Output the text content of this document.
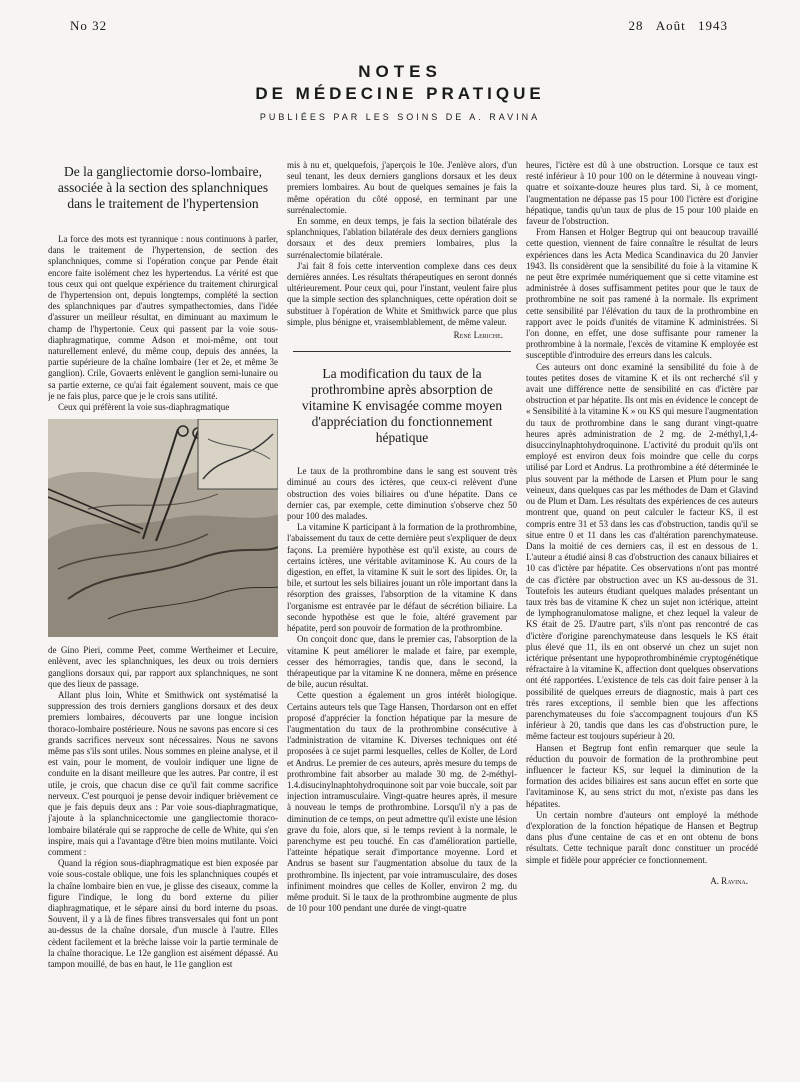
No 32	28 Août 1943
NOTES
DE MÉDECINE PRATIQUE
PUBLIÉES PAR LES SOINS DE A. RAVINA
De la gangliectomie dorso-lombaire, associée à la section des splanchniques dans le traitement de l'hypertension

La force des mots est tyrannique : nous continuons à parler, dans le traitement de l'hypertension, de section des splanchniques, comme si l'opération conçue par Pende était encore faite isolément chez les hypertendus. La vérité est que tous ceux qui ont quelque expérience du traitement chirurgical de l'hypertension ont, depuis longtemps, complété la section des splanchniques par d'autres sympathectomies, dans l'idée d'assurer un meilleur résultat, en diminuant au maximum le champ de l'hypertonie. Ceux qui passent par la voie sous-diaphragmatique, comme Adson et moi-même, ont tout naturellement enlevé, du même coup, depuis des années, la partie supérieure de la chaîne lombaire (1er et 2e, et même 3e ganglion). Crile, Govaerts enlèvent le ganglion semi-lunaire ou sa partie externe, ce qu'ai fait également souvent, mais ce que je ne fais plus, parce que je le crois sans utilité.

Ceux qui préfèrent la voie sus-diaphragmatique

de Gino Pieri, comme Peet, comme Wertheimer et Lecuire, enlèvent, avec les splanchniques, les deux ou trois derniers ganglions dorsaux qui, par rapport aux splanchniques, ne sont que des lieux de passage.

Allant plus loin, White et Smithwick ont systématisé la suppression des trois derniers ganglions dorsaux et des deux premiers lombaires, découverts par une longue incision thoraco-lombaire postérieure. Nous ne savons pas encore si ces grands sacrifices nerveux sont nécessaires. Nous ne savons même pas s'ils sont utiles. Nous sommes en pleine analyse, et il est vain, pour le moment, de vouloir indiquer une ligne de conduite en la disant meilleure que les autres. Par contre, il est utile, je crois, que chacun dise ce qu'il fait comme sacrifice nerveux. C'est pourquoi je pense devoir indiquer brièvement ce que je fais depuis deux ans : Par voie sous-diaphragmatique, j'ajoute à la splanchnicectomie une gangliectomie thoraco-lombaire bilatérale qui se rapproche de celle de White, qui s'en inspire, mais qui a l'avantage d'être bien moins mutilante. Voici comment :

Quand la région sous-diaphragmatique est bien exposée par voie sous-costale oblique, une fois les splanchniques coupés et la chaîne lombaire bien en vue, je glisse des ciseaux, comme la figure l'indique, le long du bord externe du pilier diaphragmatique, et le sépare ainsi du bord interne du psoas. Souvent, il y a là de fines fibres transversales qui font un pont au-dessus de la chaîne dorsale, d'un muscle à l'autre. Elles cèdent facilement et la brèche laisse voir la partie terminale de la chaîne thoracique. Le 12e ganglion est aisément dépassé. Au tampon mouillé, de bas en haut, le 11e ganglion est

mis à nu et, quelquefois, j'aperçois le 10e. J'enlève alors, d'un seul tenant, les deux derniers ganglions dorsaux et les deux premiers lombaires. Au bout de quelques semaines je fais la même opération du côté opposé, en terminant par une surrénalectomie.

En somme, en deux temps, je fais la section bilatérale des splanchniques, l'ablation bilatérale des deux derniers ganglions dorsaux et des deux premiers lombaires, plus la surrénalectomie bilatérale.

J'ai fait 8 fois cette intervention complexe dans ces deux dernières années. Les résultats thérapeutiques en seront donnés ultérieurement. Pour ceux qui, pour l'instant, veulent faire plus que la simple section des splanchniques, cette opération doit se substituer à l'opération de White et Smithwick parce que plus simple, plus bénigne et, vraisemblablement, de même valeur.

René Leriche.
La modification du taux de la prothrombine après absorption de vitamine K envisagée comme moyen d'appréciation du fonctionnement hépatique

Le taux de la prothrombine dans le sang est souvent très diminué au cours des ictères, que ceux-ci relèvent d'une obstruction des voies biliaires ou d'une hépatite. Dans ce dernier cas, par exemple, cette diminution s'observe chez 50 pour 100 des malades.

La vitamine K participant à la formation de la prothrombine, l'abaissement du taux de cette dernière peut s'expliquer de deux façons. La première hypothèse est qu'il existe, au cours de certains ictères, une véritable avitaminose K. Au cours de la digestion, en effet, la vitamine K suit le sort des lipides. Or, la bile, et surtout les sels biliaires jouant un rôle important dans la résorption des graisses, l'absorption de la vitamine K dans l'organisme est entravée par le défaut de sécrétion biliaire. La seconde hypothèse est que le foie, altéré gravement par hépatite, perd son pouvoir de formation de la prothrombine.

On conçoit donc que, dans le premier cas, l'absorption de la vitamine K peut améliorer le malade et faire, par exemple, cesser des hémorragies, tandis que, dans le second, la thérapeutique par la vitamine K ne donnera, même en présence de bile, aucun résultat.

Cette question a également un gros intérêt biologique. Certains auteurs tels que Tage Hansen, Thordarson ont en effet proposé d'apprécier la fonction hépatique par la mesure de l'augmentation du taux de la prothrombine consécutive à l'administration de vitamine K. Diverses techniques ont été proposées à ce sujet parmi lesquelles, celles de Koller, de Lord et Andrus. Le premier de ces auteurs, après mesure du temps de prothrombine fait absorber au malade 30 mg. de 2-méthyl-1.4.disucinylnaphtohydroquinone soit par voie buccale, soit par injection intramusculaire. Vingt-quatre heures après, il mesure à nouveau le temps de prothrombine. Lorsqu'il n'y a pas de diminution de ce temps, on peut admettre qu'il existe une lésion grave du foie, alors que, si le temps revient à la normale, le parenchyme est peu touché. En cas d'amélioration partielle, l'atteinte hépatique serait d'importance moyenne. Lord et Andrus se basent sur l'augmentation absolue du taux de la prothrombine. Ils injectent, par voie intramusculaire, des doses infiniment moindres que celles de Koller, environ 2 mg. du même produit. Si le taux de la prothrombine augmente de plus de 10 pour 100 pendant une durée de vingt-quatre

heures, l'ictère est dû à une obstruction. Lorsque ce taux est resté inférieur à 10 pour 100 on le détermine à nouveau vingt-quatre et soixante-douze heures plus tard. Si, à ce moment, l'augmentation ne dépasse pas 15 pour 100 l'ictère est d'origine hépatique, tandis qu'un taux de plus de 15 pour 100 plaide en faveur de l'obstruction.

From Hansen et Holger Begtrup qui ont beaucoup travaillé cette question, viennent de faire connaître le résultat de leurs expériences dans les Acta Medica Scandinavica du 20 Janvier 1943. Ils considèrent que la sensibilité du foie à la vitamine K ne peut être exprimée numériquement que si cette vitamine est administrée à doses suffisamment petites pour que le taux de prothrombine ne soit pas ramené à la normale. Ils expriment cette sensibilité par l'élévation du taux de la prothrombine en rapport avec le poids d'unités de vitamine K administrées. Si l'on donne, en effet, une dose suffisante pour ramener la prothrombine à la normale, l'excès de vitamine K employée est susceptible d'introduire des erreurs dans les calculs.

Ces auteurs ont donc examiné la sensibilité du foie à de toutes petites doses de vitamine K et ils ont recherché s'il y avait une différence nette de sensibilité en cas d'ictère par obstruction et par hépatite. Ils ont mis en évidence le concept de « Sensibilité à la vitamine K » ou KS qui mesure l'augmentation du taux de prothrombine dans le sang durant vingt-quatre heures après administration de 2 mg. de 2-méthyl,1,4-disuccinylnaphtohydroquinone. L'activité du produit qu'ils ont employé est environ deux fois moindre que celle du corps utilisé par Lord et Andrus. La prothrombine a été déterminée le plus souvent par la méthode de Larsen et Plum pour le sang veineux, dans quelques cas par les méthodes de Dam et Glavind ou de Plum et Dam. Les résultats des expériences de ces auteurs montrent que, quand on peut calculer le facteur KS, il est compris entre 31 et 53 dans les cas d'obstruction, tandis qu'il se situe entre 0 et 11 dans les cas d'altération parenchymateuse. Dans la moitié de ces derniers cas, il est en dessous de 1. L'auteur a étudié ainsi 8 cas d'obstruction des canaux biliaires et 10 cas d'ictère par hépatite. Ces observations n'ont pas montré de cas d'ictère par obstruction avec un KS au-dessous de 31. Toutefois les auteurs étudiant quelques malades présentant un taux très bas de vitamine K chez un sujet non ictérique, atteint de lymphogranulomatose maligne, et chez lequel la valeur de KS était de 25. D'autre part, s'ils n'ont pas rencontré de cas d'ictère d'origine parenchymateuse dans lesquels le KS était plus élevé que 11, ils en ont observé un chez un sujet non ictérique présentant une hypoprothrombinémie cryptogénétique réfractaire à la vitamine K, affection dont quelques observations ont été rapportées. L'existence de tels cas doit faire penser à la possibilité de quelques erreurs de diagnostic, mais à part ces très rares exceptions, il semble bien que les affections parenchymateuses du foie s'accompagnent toujours d'un KS inférieur à 20, tandis que dans les cas d'obstruction pure, le même facteur est toujours supérieur à 20.

Hansen et Begtrup font enfin remarquer que seule la réduction du pouvoir de formation de la prothrombine peut influencer le facteur KS, sur lequel la diminution de la formation des acides biliaires est sans aucun effet en sorte que l'avitaminose K, au sens strict du mot, n'existe pas dans les hépatites.

Un certain nombre d'auteurs ont employé la méthode d'exploration de la fonction hépatique de Hansen et Begtrup dans plus d'une centaine de cas et en ont obtenu de bons résultats. Cette technique paraît donc constituer un procédé simple et fidèle pour apprécier ce fonctionnement.

A. Ravina.
